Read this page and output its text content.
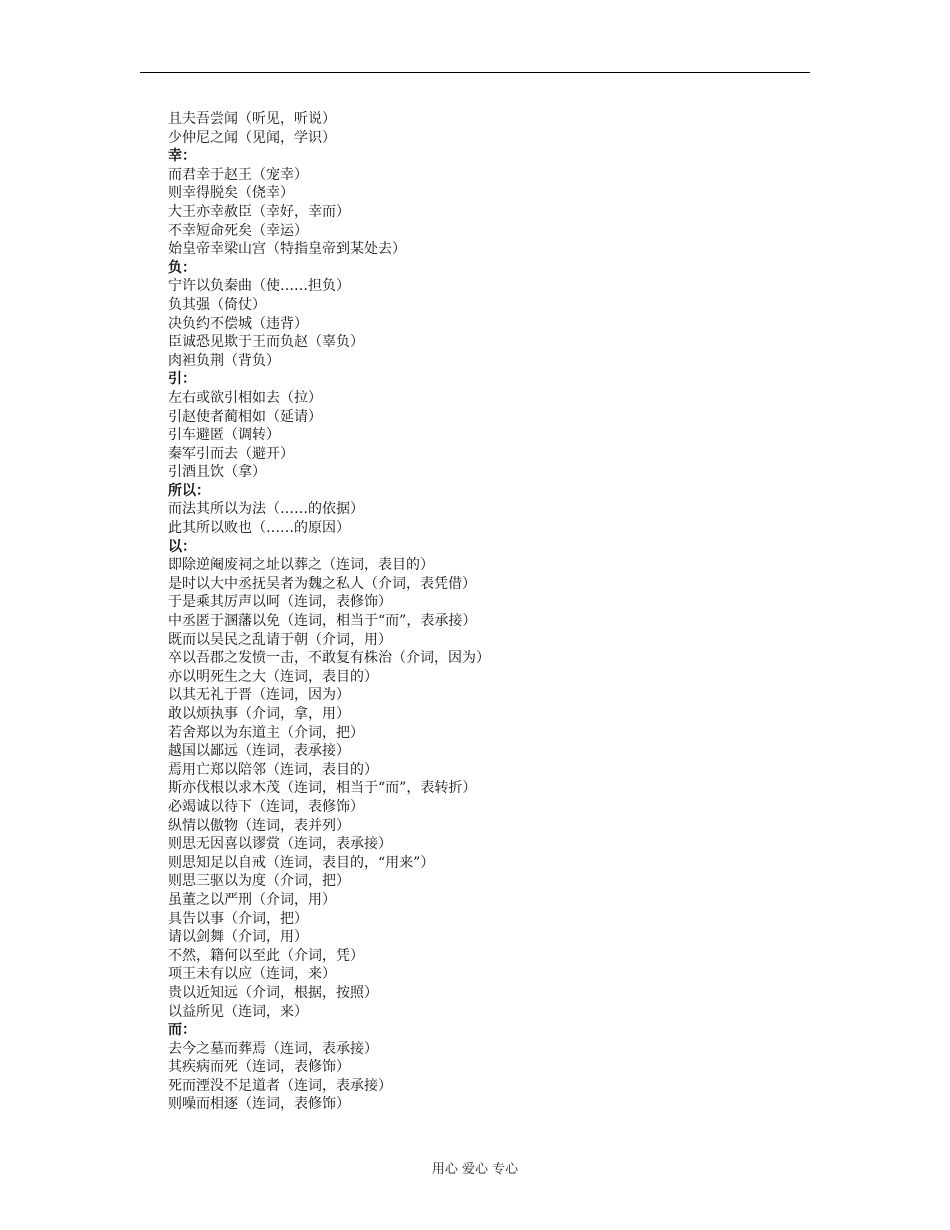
且夫吾尝闻（听见，听说）
少仲尼之闻（见闻，学识）
幸：
而君幸于赵王（宠幸）
则幸得脱矣（侥幸）
大王亦幸赦臣（幸好，幸而）
不幸短命死矣（幸运）
始皇帝幸梁山宫（特指皇帝到某处去）
负：
宁许以负秦曲（使……担负）
负其强（倚仗）
决负约不偿城（违背）
臣诚恐见欺于王而负赵（辜负）
肉袒负荆（背负）
引：
左右或欲引相如去（拉）
引赵使者蔺相如（延请）
引车避匿（调转）
秦军引而去（避开）
引酒且饮（拿）
所以：
而法其所以为法（……的依据）
此其所以败也（……的原因）
以：
即除逆阉废祠之址以葬之（连词，表目的）
是时以大中丞抚吴者为魏之私人（介词，表凭借）
于是乘其厉声以呵（连词，表修饰）
中丞匿于溷藩以免（连词，相当于“而”，表承接）
既而以吴民之乱请于朝（介词，用）
卒以吾郡之发愤一击，不敢复有株治（介词，因为）
亦以明死生之大（连词，表目的）
以其无礼于晋（连词，因为）
敢以烦执事（介词，拿，用）
若舍郑以为东道主（介词，把）
越国以鄙远（连词，表承接）
焉用亡郑以陪邻（连词，表目的）
斯亦伐根以求木茂（连词，相当于“而”，表转折）
必竭诚以待下（连词，表修饰）
纵情以傲物（连词，表并列）
则思无因喜以谬赏（连词，表承接）
则思知足以自戒（连词，表目的，“用来”）
则思三驱以为度（介词，把）
虽董之以严刑（介词，用）
具告以事（介词，把）
请以剑舞（介词，用）
不然，籍何以至此（介词，凭）
项王未有以应（连词，来）
贵以近知远（介词，根据，按照）
以益所见（连词，来）
而：
去今之墓而葬焉（连词，表承接）
其疾病而死（连词，表修饰）
死而湮没不足道者（连词，表承接）
则噪而相逐（连词，表修饰）
用心 爱心 专心
